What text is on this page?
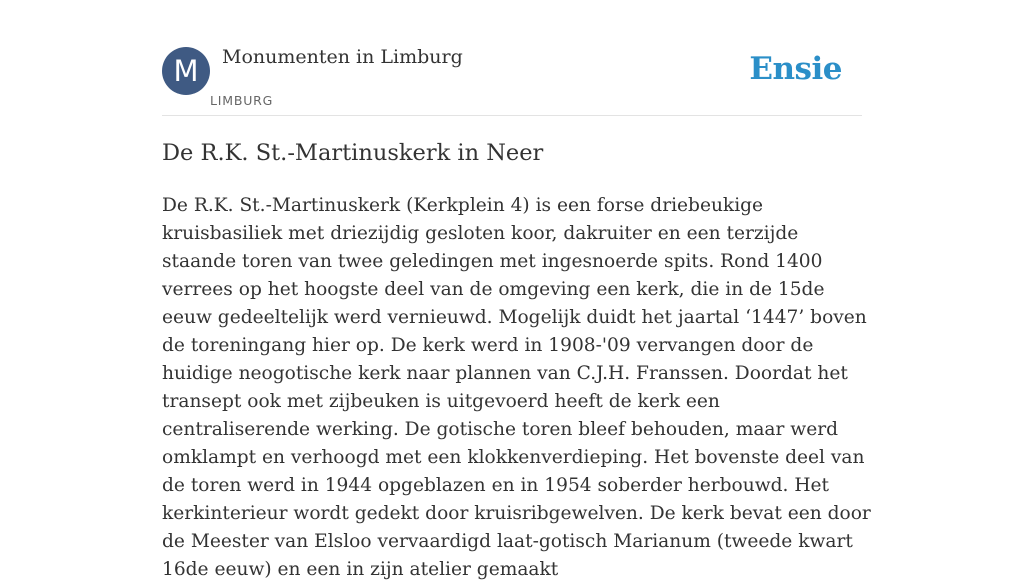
M	Monumenten in Limburg
LIMBURG
Ensie
De R.K. St.-Martinuskerk in Neer

De R.K. St.-Martinuskerk (Kerkplein 4) is een forse driebeukige kruisbasiliek met driezijdig gesloten koor, dakruiter en een terzijde staande toren van twee geledingen met ingesnoerde spits. Rond 1400 verrees op het hoogste deel van de omgeving een kerk, die in de 15de eeuw gedeeltelijk werd vernieuwd. Mogelijk duidt het jaartal ‘1447’ boven de toreningang hier op. De kerk werd in 1908-'09 vervangen door de huidige neogotische kerk naar plannen van C.J.H. Franssen. Doordat het transept ook met zijbeuken is uitgevoerd heeft de kerk een centraliserende werking. De gotische toren bleef behouden, maar werd omklampt en verhoogd met een klokkenverdieping. Het bovenste deel van de toren werd in 1944 opgeblazen en in 1954 soberder herbouwd. Het kerkinterieur wordt gedekt door kruisribgewelven. De kerk bevat een door de Meester van Elsloo vervaardigd laat-gotisch Marianum (tweede kwart 16de eeuw) en een in zijn atelier gemaakt
